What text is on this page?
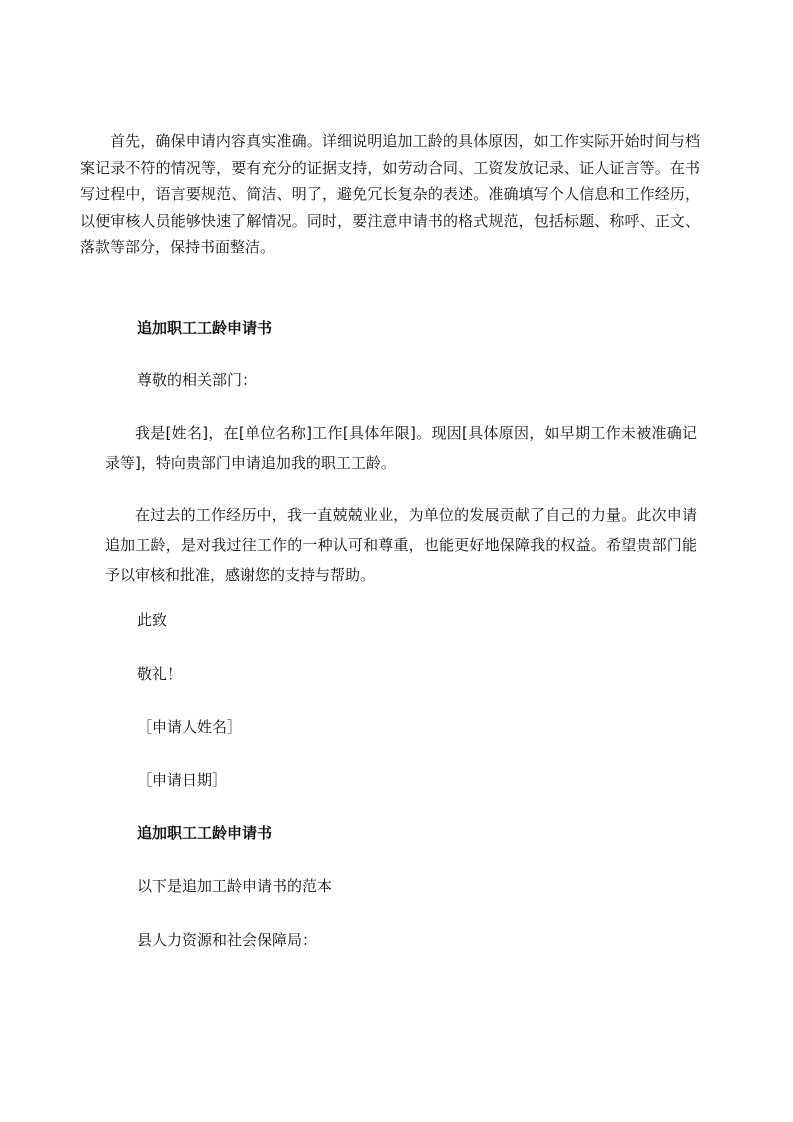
首先，确保申请内容真实准确。详细说明追加工龄的具体原因，如工作实际开始时间与档案记录不符的情况等，要有充分的证据支持，如劳动合同、工资发放记录、证人证言等。在书写过程中，语言要规范、简洁、明了，避免冗长复杂的表述。准确填写个人信息和工作经历，以便审核人员能够快速了解情况。同时，要注意申请书的格式规范，包括标题、称呼、正文、落款等部分，保持书面整洁。

追加职工工龄申请书

尊敬的相关部门：

我是[姓名]，在[单位名称]工作[具体年限]。现因[具体原因，如早期工作未被准确记录等]，特向贵部门申请追加我的职工工龄。

在过去的工作经历中，我一直兢兢业业，为单位的发展贡献了自己的力量。此次申请追加工龄，是对我过往工作的一种认可和尊重，也能更好地保障我的权益。希望贵部门能予以审核和批准，感谢您的支持与帮助。

此致

敬礼！

［申请人姓名］

［申请日期］

追加职工工龄申请书

以下是追加工龄申请书的范本

县人力资源和社会保障局：
